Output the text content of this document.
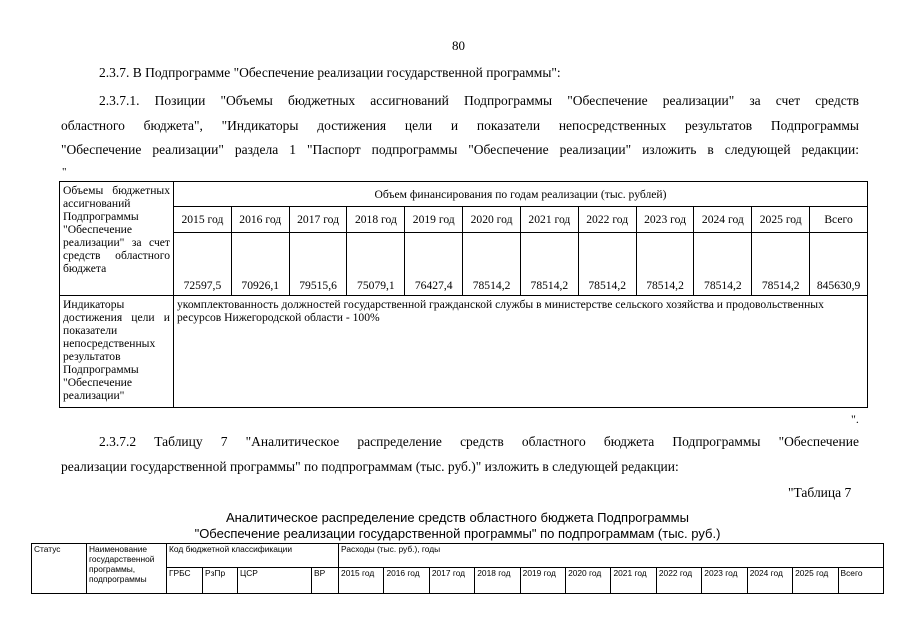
80
2.3.7. В Подпрограмме "Обеспечение реализации государственной программы":
2.3.7.1. Позиции "Объемы бюджетных ассигнований Подпрограммы "Обеспечение реализации" за счет средств
областного бюджета", "Индикаторы достижения цели и показатели непосредственных результатов Подпрограммы
"Обеспечение реализации" раздела 1 "Паспорт подпрограммы "Обеспечение реализации" изложить в следующей редакции:
"
Объемы бюджетных ассигнований Подпрограммы "Обеспечение реализации" за счет средств областного бюджета	Объем финансирования по годам реализации (тыс. рублей)											
	2015 год	2016 год	2017 год	2018 год	2019 год	2020 год	2021 год	2022 год	2023 год	2024 год	2025 год	Всего
	72597,5	70926,1	79515,6	75079,1	76427,4	78514,2	78514,2	78514,2	78514,2	78514,2	78514,2	845630,9
Индикаторы достижения цели и показатели непосредственных результатов Подпрограммы "Обеспечение реализации"	укомплектованность должностей государственной гражданской службы в министерстве сельского хозяйства и продовольственных ресурсов Нижегородской области - 100%											
".
2.3.7.2 Таблицу 7 "Аналитическое распределение средств областного бюджета Подпрограммы "Обеспечение
реализации государственной программы" по подпрограммам (тыс. руб.)" изложить в следующей редакции:
"Таблица 7
Аналитическое распределение средств областного бюджета Подпрограммы
"Обеспечение реализации государственной программы" по подпрограммам (тыс. руб.)
Статус	Наименование государственной программы, подпрограммы	Код бюджетной классификации				Расходы (тыс. руб.), годы											
		ГРБС	РзПр	ЦСР	ВР	2015 год	2016 год	2017 год	2018 год	2019 год	2020 год	2021 год	2022 год	2023 год	2024 год	2025 год	Всего
